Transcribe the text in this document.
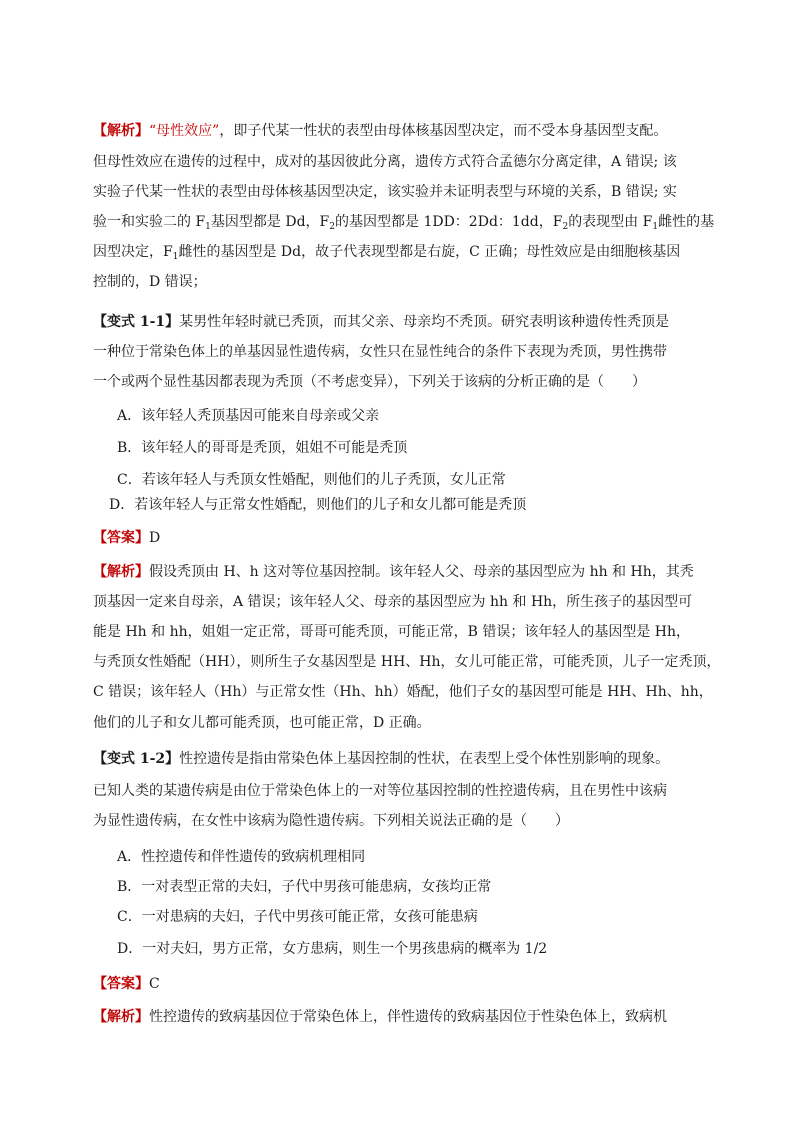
【解析】“母性效应”，即子代某一性状的表型由母体核基因型决定，而不受本身基因型支配。
但母性效应在遗传的过程中，成对的基因彼此分离，遗传方式符合孟德尔分离定律，A 错误; 该
实验子代某一性状的表型由母体核基因型决定，该实验并未证明表型与环境的关系，B 错误; 实
验一和实验二的 $F_1$基因型都是 Dd，$F_2$的基因型都是 1DD：2Dd：1dd，$F_2$的表现型由 $F_1$雌性的基
因型决定，$F_1$雌性的基因型是 Dd，故子代表现型都是右旋，C 正确；母性效应是由细胞核基因
控制的，D 错误；
【变式 1-1】某男性年轻时就已秃顶，而其父亲、母亲均不秃顶。研究表明该种遗传性秃顶是
一种位于常染色体上的单基因显性遗传病，女性只在显性纯合的条件下表现为秃顶，男性携带
一个或两个显性基因都表现为秃顶（不考虑变异），下列关于该病的分析正确的是（　　）
A．该年轻人秃顶基因可能来自母亲或父亲
B．该年轻人的哥哥是秃顶，姐姐不可能是秃顶
C．若该年轻人与秃顶女性婚配，则他们的儿子秃顶，女儿正常
D．若该年轻人与正常女性婚配，则他们的儿子和女儿都可能是秃顶
【答案】D
【解析】假设秃顶由 H、h 这对等位基因控制。该年轻人父、母亲的基因型应为 hh 和 Hh，其秃
顶基因一定来自母亲，A 错误；该年轻人父、母亲的基因型应为 hh 和 Hh，所生孩子的基因型可
能是 Hh 和 hh，姐姐一定正常，哥哥可能秃顶，可能正常，B 错误；该年轻人的基因型是 Hh，
与秃顶女性婚配（HH），则所生子女基因型是 HH、Hh，女儿可能正常，可能秃顶，儿子一定秃顶，
C 错误；该年轻人（Hh）与正常女性（Hh、hh）婚配，他们子女的基因型可能是 HH、Hh、hh，
他们的儿子和女儿都可能秃顶，也可能正常，D 正确。
【变式 1-2】性控遗传是指由常染色体上基因控制的性状，在表型上受个体性别影响的现象。
已知人类的某遗传病是由位于常染色体上的一对等位基因控制的性控遗传病，且在男性中该病
为显性遗传病，在女性中该病为隐性遗传病。下列相关说法正确的是（　　）
A．性控遗传和伴性遗传的致病机理相同
B．一对表型正常的夫妇，子代中男孩可能患病，女孩均正常
C．一对患病的夫妇，子代中男孩可能正常，女孩可能患病
D．一对夫妇，男方正常，女方患病，则生一个男孩患病的概率为 1/2
【答案】C
【解析】性控遗传的致病基因位于常染色体上，伴性遗传的致病基因位于性染色体上，致病机
